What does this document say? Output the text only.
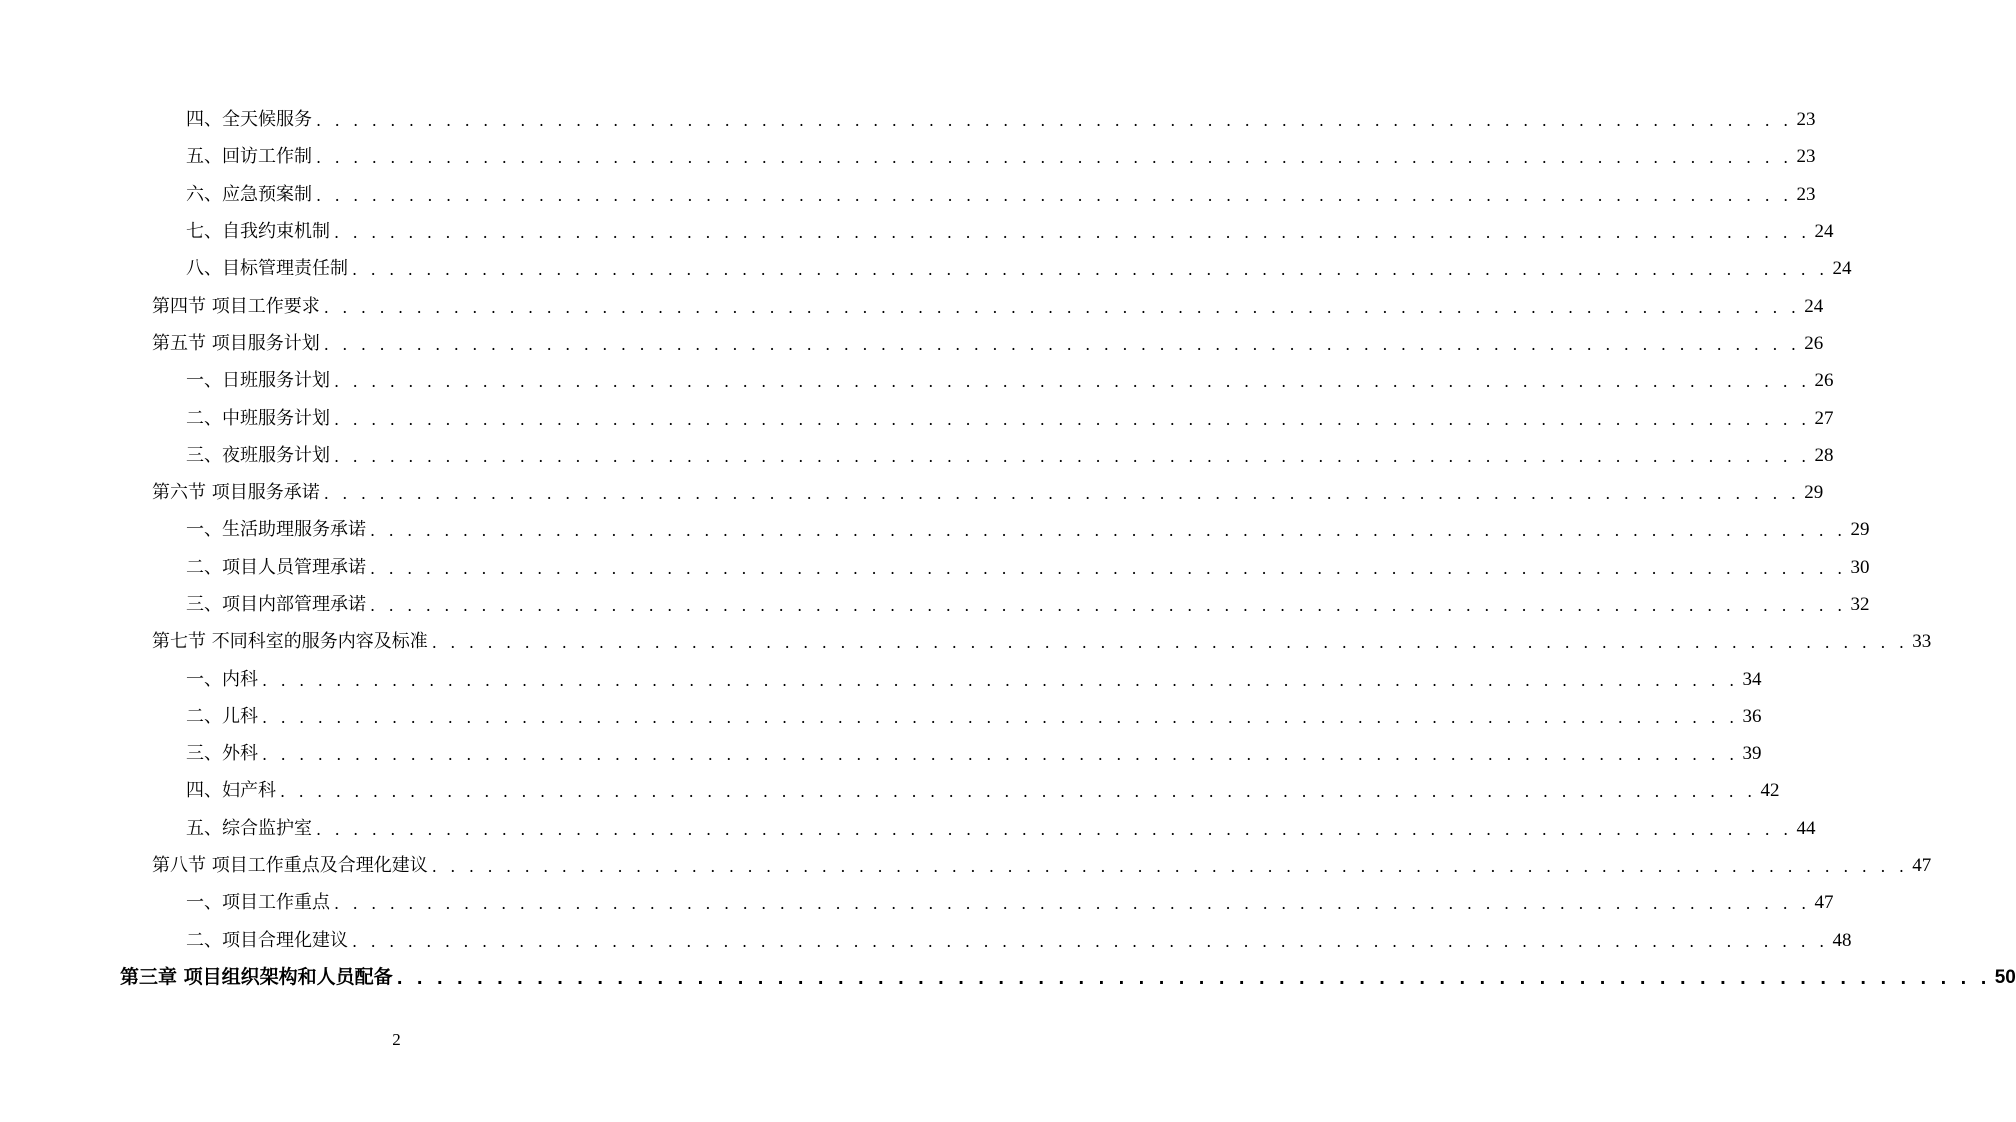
四、全天候服务 . . . . . . . . . . . . . . . . . . . . . . . . . . . . . . . . . . . . . . . . . . . . . . . . . . . . . . . . . . . . . . . . . . . . . . . . . . . . . . . . 23
五、回访工作制 . . . . . . . . . . . . . . . . . . . . . . . . . . . . . . . . . . . . . . . . . . . . . . . . . . . . . . . . . . . . . . . . . . . . . . . . . . . . . . . . 23
六、应急预案制 . . . . . . . . . . . . . . . . . . . . . . . . . . . . . . . . . . . . . . . . . . . . . . . . . . . . . . . . . . . . . . . . . . . . . . . . . . . . . . . . 23
七、自我约束机制 . . . . . . . . . . . . . . . . . . . . . . . . . . . . . . . . . . . . . . . . . . . . . . . . . . . . . . . . . . . . . . . . . . . . . . . . . . . . . . . . 24
八、目标管理责任制 . . . . . . . . . . . . . . . . . . . . . . . . . . . . . . . . . . . . . . . . . . . . . . . . . . . . . . . . . . . . . . . . . . . . . . . . . . . . . . . . 24
第四节 项目工作要求 . . . . . . . . . . . . . . . . . . . . . . . . . . . . . . . . . . . . . . . . . . . . . . . . . . . . . . . . . . . . . . . . . . . . . . . . . . . . . . . . 24
第五节 项目服务计划 . . . . . . . . . . . . . . . . . . . . . . . . . . . . . . . . . . . . . . . . . . . . . . . . . . . . . . . . . . . . . . . . . . . . . . . . . . . . . . . . 26
一、日班服务计划 . . . . . . . . . . . . . . . . . . . . . . . . . . . . . . . . . . . . . . . . . . . . . . . . . . . . . . . . . . . . . . . . . . . . . . . . . . . . . . . . 26
二、中班服务计划 . . . . . . . . . . . . . . . . . . . . . . . . . . . . . . . . . . . . . . . . . . . . . . . . . . . . . . . . . . . . . . . . . . . . . . . . . . . . . . . . 27
三、夜班服务计划 . . . . . . . . . . . . . . . . . . . . . . . . . . . . . . . . . . . . . . . . . . . . . . . . . . . . . . . . . . . . . . . . . . . . . . . . . . . . . . . . 28
第六节 项目服务承诺 . . . . . . . . . . . . . . . . . . . . . . . . . . . . . . . . . . . . . . . . . . . . . . . . . . . . . . . . . . . . . . . . . . . . . . . . . . . . . . . . 29
一、生活助理服务承诺 . . . . . . . . . . . . . . . . . . . . . . . . . . . . . . . . . . . . . . . . . . . . . . . . . . . . . . . . . . . . . . . . . . . . . . . . . . . . . . . . 29
二、项目人员管理承诺 . . . . . . . . . . . . . . . . . . . . . . . . . . . . . . . . . . . . . . . . . . . . . . . . . . . . . . . . . . . . . . . . . . . . . . . . . . . . . . . . 30
三、项目内部管理承诺 . . . . . . . . . . . . . . . . . . . . . . . . . . . . . . . . . . . . . . . . . . . . . . . . . . . . . . . . . . . . . . . . . . . . . . . . . . . . . . . . 32
第七节 不同科室的服务内容及标准 . . . . . . . . . . . . . . . . . . . . . . . . . . . . . . . . . . . . . . . . . . . . . . . . . . . . . . . . . . . . . . . . . . . . . . . . . . . . . . . . 33
一、内科 . . . . . . . . . . . . . . . . . . . . . . . . . . . . . . . . . . . . . . . . . . . . . . . . . . . . . . . . . . . . . . . . . . . . . . . . . . . . . . . . 34
二、儿科 . . . . . . . . . . . . . . . . . . . . . . . . . . . . . . . . . . . . . . . . . . . . . . . . . . . . . . . . . . . . . . . . . . . . . . . . . . . . . . . . 36
三、外科 . . . . . . . . . . . . . . . . . . . . . . . . . . . . . . . . . . . . . . . . . . . . . . . . . . . . . . . . . . . . . . . . . . . . . . . . . . . . . . . . 39
四、妇产科 . . . . . . . . . . . . . . . . . . . . . . . . . . . . . . . . . . . . . . . . . . . . . . . . . . . . . . . . . . . . . . . . . . . . . . . . . . . . . . . . 42
五、综合监护室 . . . . . . . . . . . . . . . . . . . . . . . . . . . . . . . . . . . . . . . . . . . . . . . . . . . . . . . . . . . . . . . . . . . . . . . . . . . . . . . . 44
第八节 项目工作重点及合理化建议 . . . . . . . . . . . . . . . . . . . . . . . . . . . . . . . . . . . . . . . . . . . . . . . . . . . . . . . . . . . . . . . . . . . . . . . . . . . . . . . . 47
一、项目工作重点 . . . . . . . . . . . . . . . . . . . . . . . . . . . . . . . . . . . . . . . . . . . . . . . . . . . . . . . . . . . . . . . . . . . . . . . . . . . . . . . . 47
二、项目合理化建议 . . . . . . . . . . . . . . . . . . . . . . . . . . . . . . . . . . . . . . . . . . . . . . . . . . . . . . . . . . . . . . . . . . . . . . . . . . . . . . . . 48
第三章 项目组织架构和人员配备 . . . . . . . . . . . . . . . . . . . . . . . . . . . . . . . . . . . . . . . . . . . . . . . . . . . . . . . . . . . . . . . . . . . . . . . . . . . . . . . . 50
2
